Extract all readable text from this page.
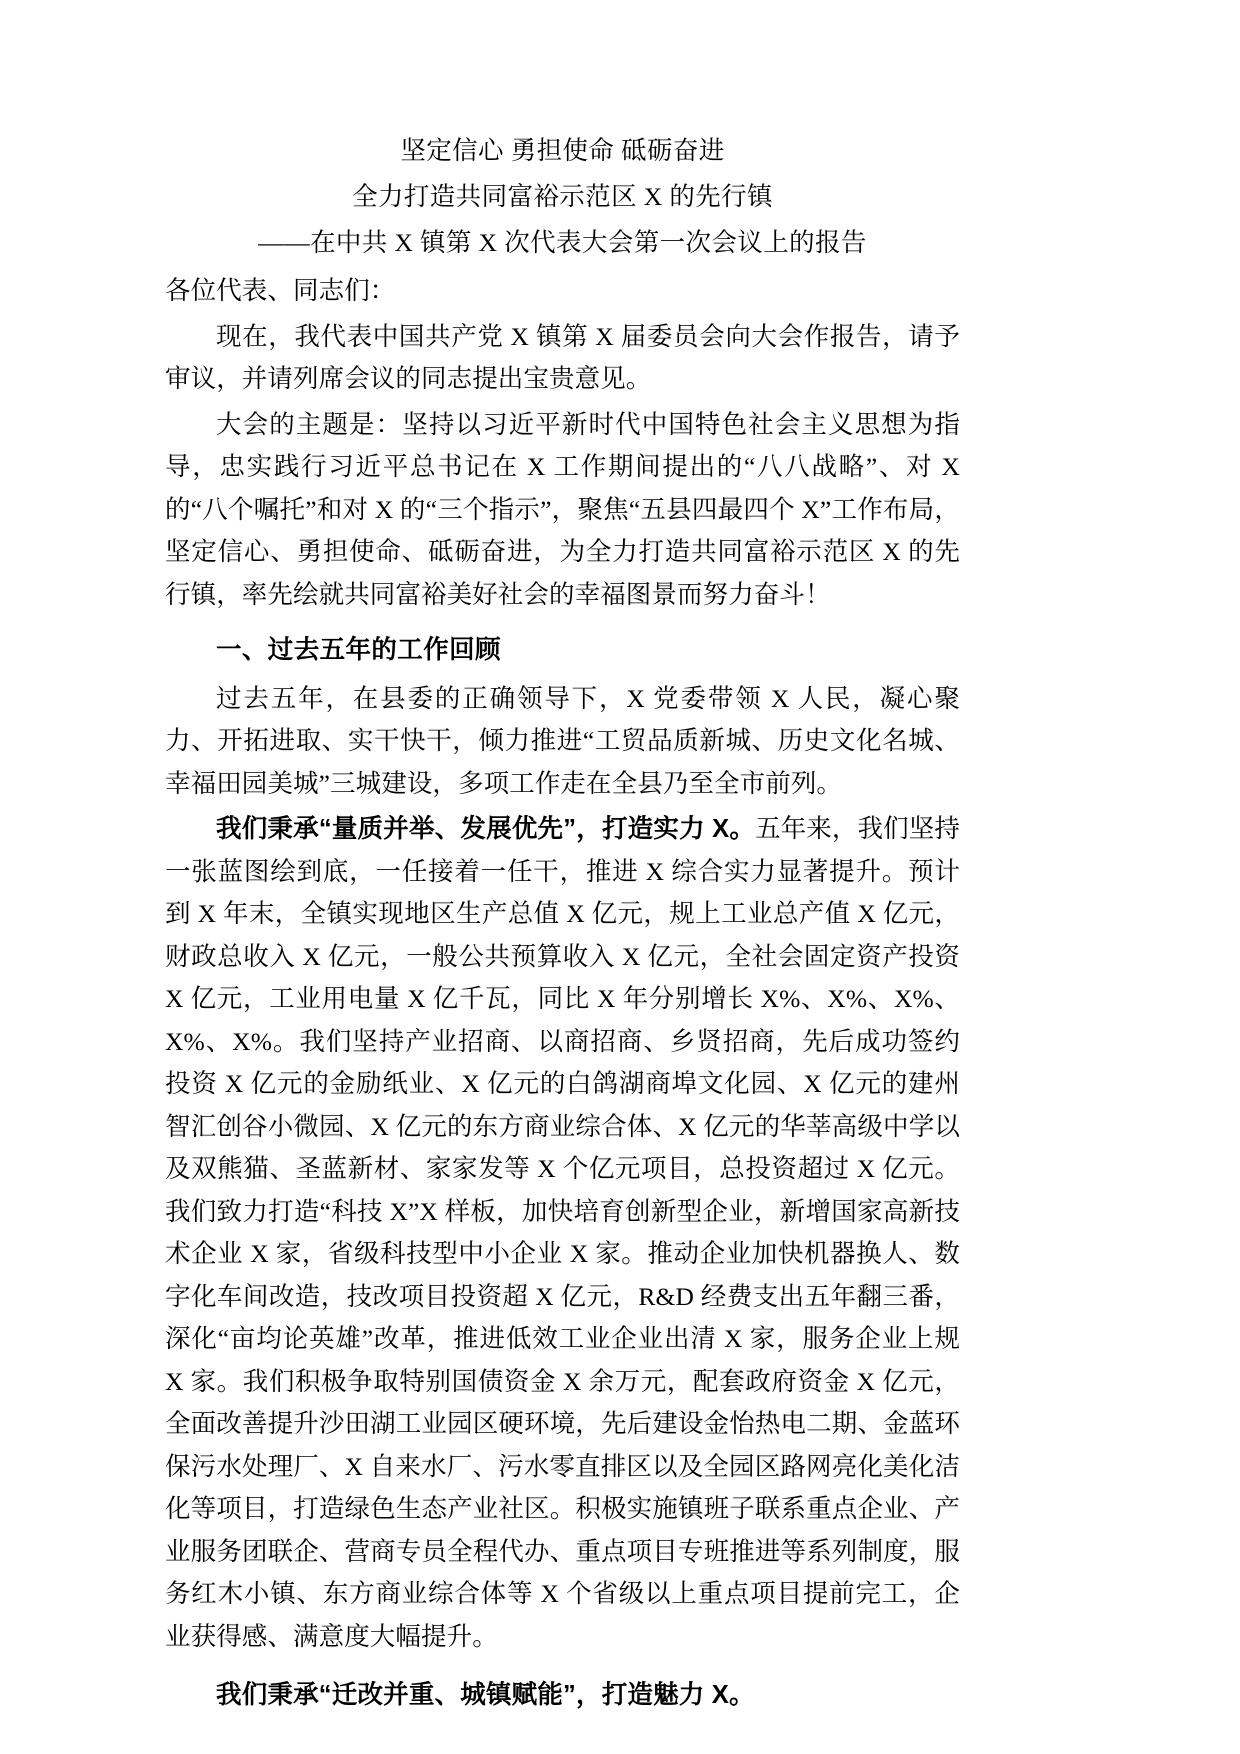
坚定信心 勇担使命 砥砺奋进
全力打造共同富裕示范区 X 的先行镇
——在中共 X 镇第 X 次代表大会第一次会议上的报告

各位代表、同志们：

现在，我代表中国共产党 X 镇第 X 届委员会向大会作报告，请予审议，并请列席会议的同志提出宝贵意见。

大会的主题是：坚持以习近平新时代中国特色社会主义思想为指导，忠实践行习近平总书记在 X 工作期间提出的“八八战略”、对 X 的“八个嘱托”和对 X 的“三个指示”，聚焦“五县四最四个 X”工作布局，坚定信心、勇担使命、砥砺奋进，为全力打造共同富裕示范区 X 的先行镇，率先绘就共同富裕美好社会的幸福图景而努力奋斗！

一、过去五年的工作回顾

过去五年，在县委的正确领导下，X 党委带领 X 人民，凝心聚力、开拓进取、实干快干，倾力推进“工贸品质新城、历史文化名城、幸福田园美城”三城建设，多项工作走在全县乃至全市前列。

我们秉承“量质并举、发展优先”，打造实力 X。五年来，我们坚持一张蓝图绘到底，一任接着一任干，推进 X 综合实力显著提升。预计到 X 年末，全镇实现地区生产总值 X 亿元，规上工业总产值 X 亿元，财政总收入 X 亿元，一般公共预算收入 X 亿元，全社会固定资产投资 X 亿元，工业用电量 X 亿千瓦，同比 X 年分别增长 X%、X%、X%、X%、X%。我们坚持产业招商、以商招商、乡贤招商，先后成功签约投资 X 亿元的金励纸业、X 亿元的白鸽湖商埠文化园、X 亿元的建州智汇创谷小微园、X 亿元的东方商业综合体、X 亿元的华莘高级中学以及双熊猫、圣蓝新材、家家发等 X 个亿元项目，总投资超过 X 亿元。我们致力打造“科技 X”X 样板，加快培育创新型企业，新增国家高新技术企业 X 家，省级科技型中小企业 X 家。推动企业加快机器换人、数字化车间改造，技改项目投资超 X 亿元，R&D 经费支出五年翻三番，深化“亩均论英雄”改革，推进低效工业企业出清 X 家，服务企业上规 X 家。我们积极争取特别国债资金 X 余万元，配套政府资金 X 亿元，全面改善提升沙田湖工业园区硬环境，先后建设金怡热电二期、金蓝环保污水处理厂、X 自来水厂、污水零直排区以及全园区路网亮化美化洁化等项目，打造绿色生态产业社区。积极实施镇班子联系重点企业、产业服务团联企、营商专员全程代办、重点项目专班推进等系列制度，服务红木小镇、东方商业综合体等 X 个省级以上重点项目提前完工，企业获得感、满意度大幅提升。

我们秉承“迁改并重、城镇赋能”，打造魅力 X。
